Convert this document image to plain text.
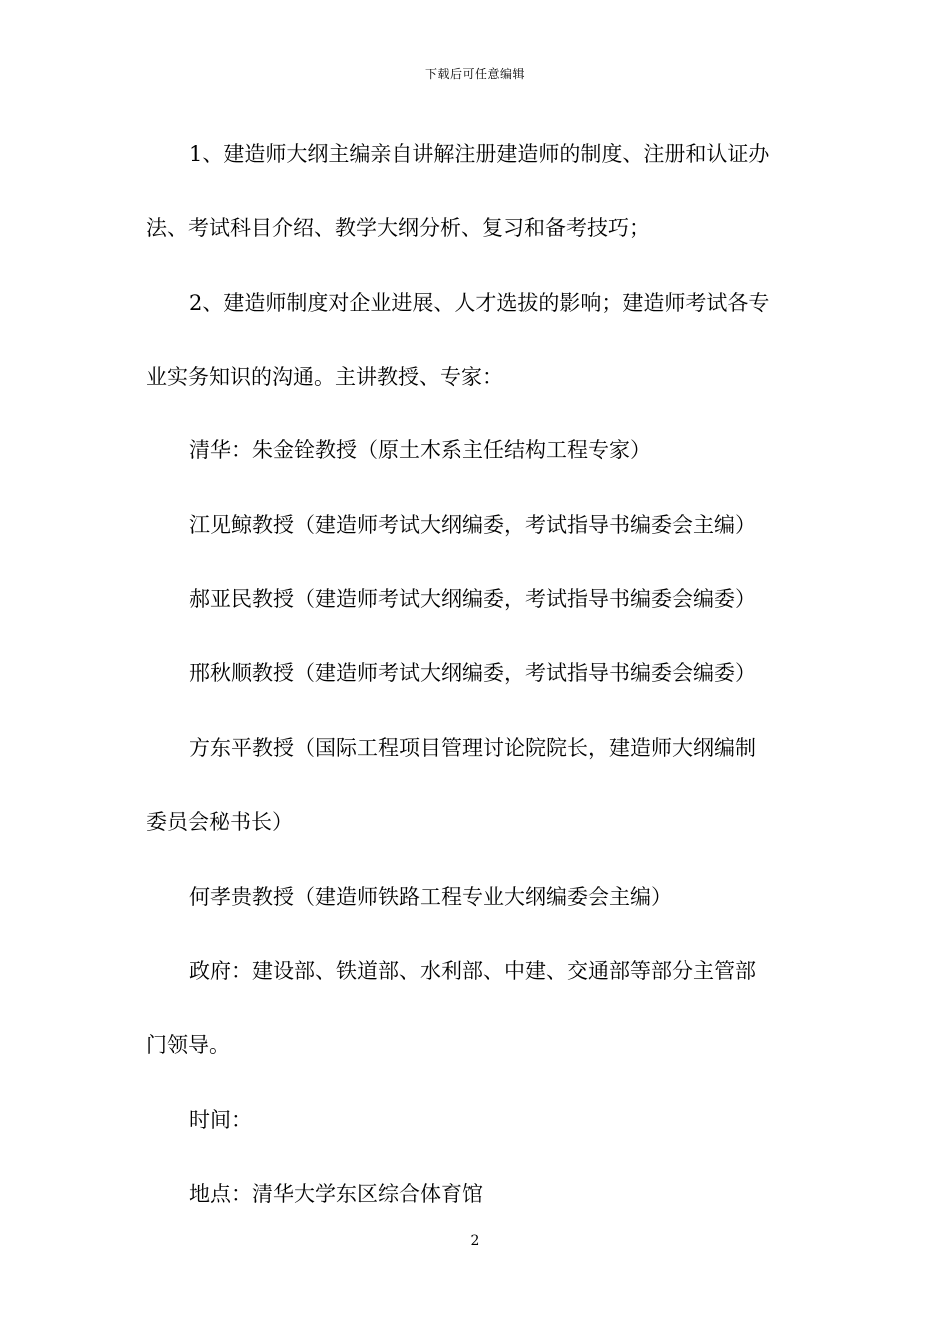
下载后可任意编辑
1、建造师大纲主编亲自讲解注册建造师的制度、注册和认证办
法、考试科目介绍、教学大纲分析、复习和备考技巧；
2、建造师制度对企业进展、人才选拔的影响；建造师考试各专
业实务知识的沟通。主讲教授、专家：
清华：朱金铨教授（原土木系主任结构工程专家）
江见鲸教授（建造师考试大纲编委，考试指导书编委会主编）
郝亚民教授（建造师考试大纲编委，考试指导书编委会编委）
邢秋顺教授（建造师考试大纲编委，考试指导书编委会编委）
方东平教授（国际工程项目管理讨论院院长，建造师大纲编制
委员会秘书长）
何孝贵教授（建造师铁路工程专业大纲编委会主编）
政府：建设部、铁道部、水利部、中建、交通部等部分主管部
门领导。
时间：
地点：清华大学东区综合体育馆
2
